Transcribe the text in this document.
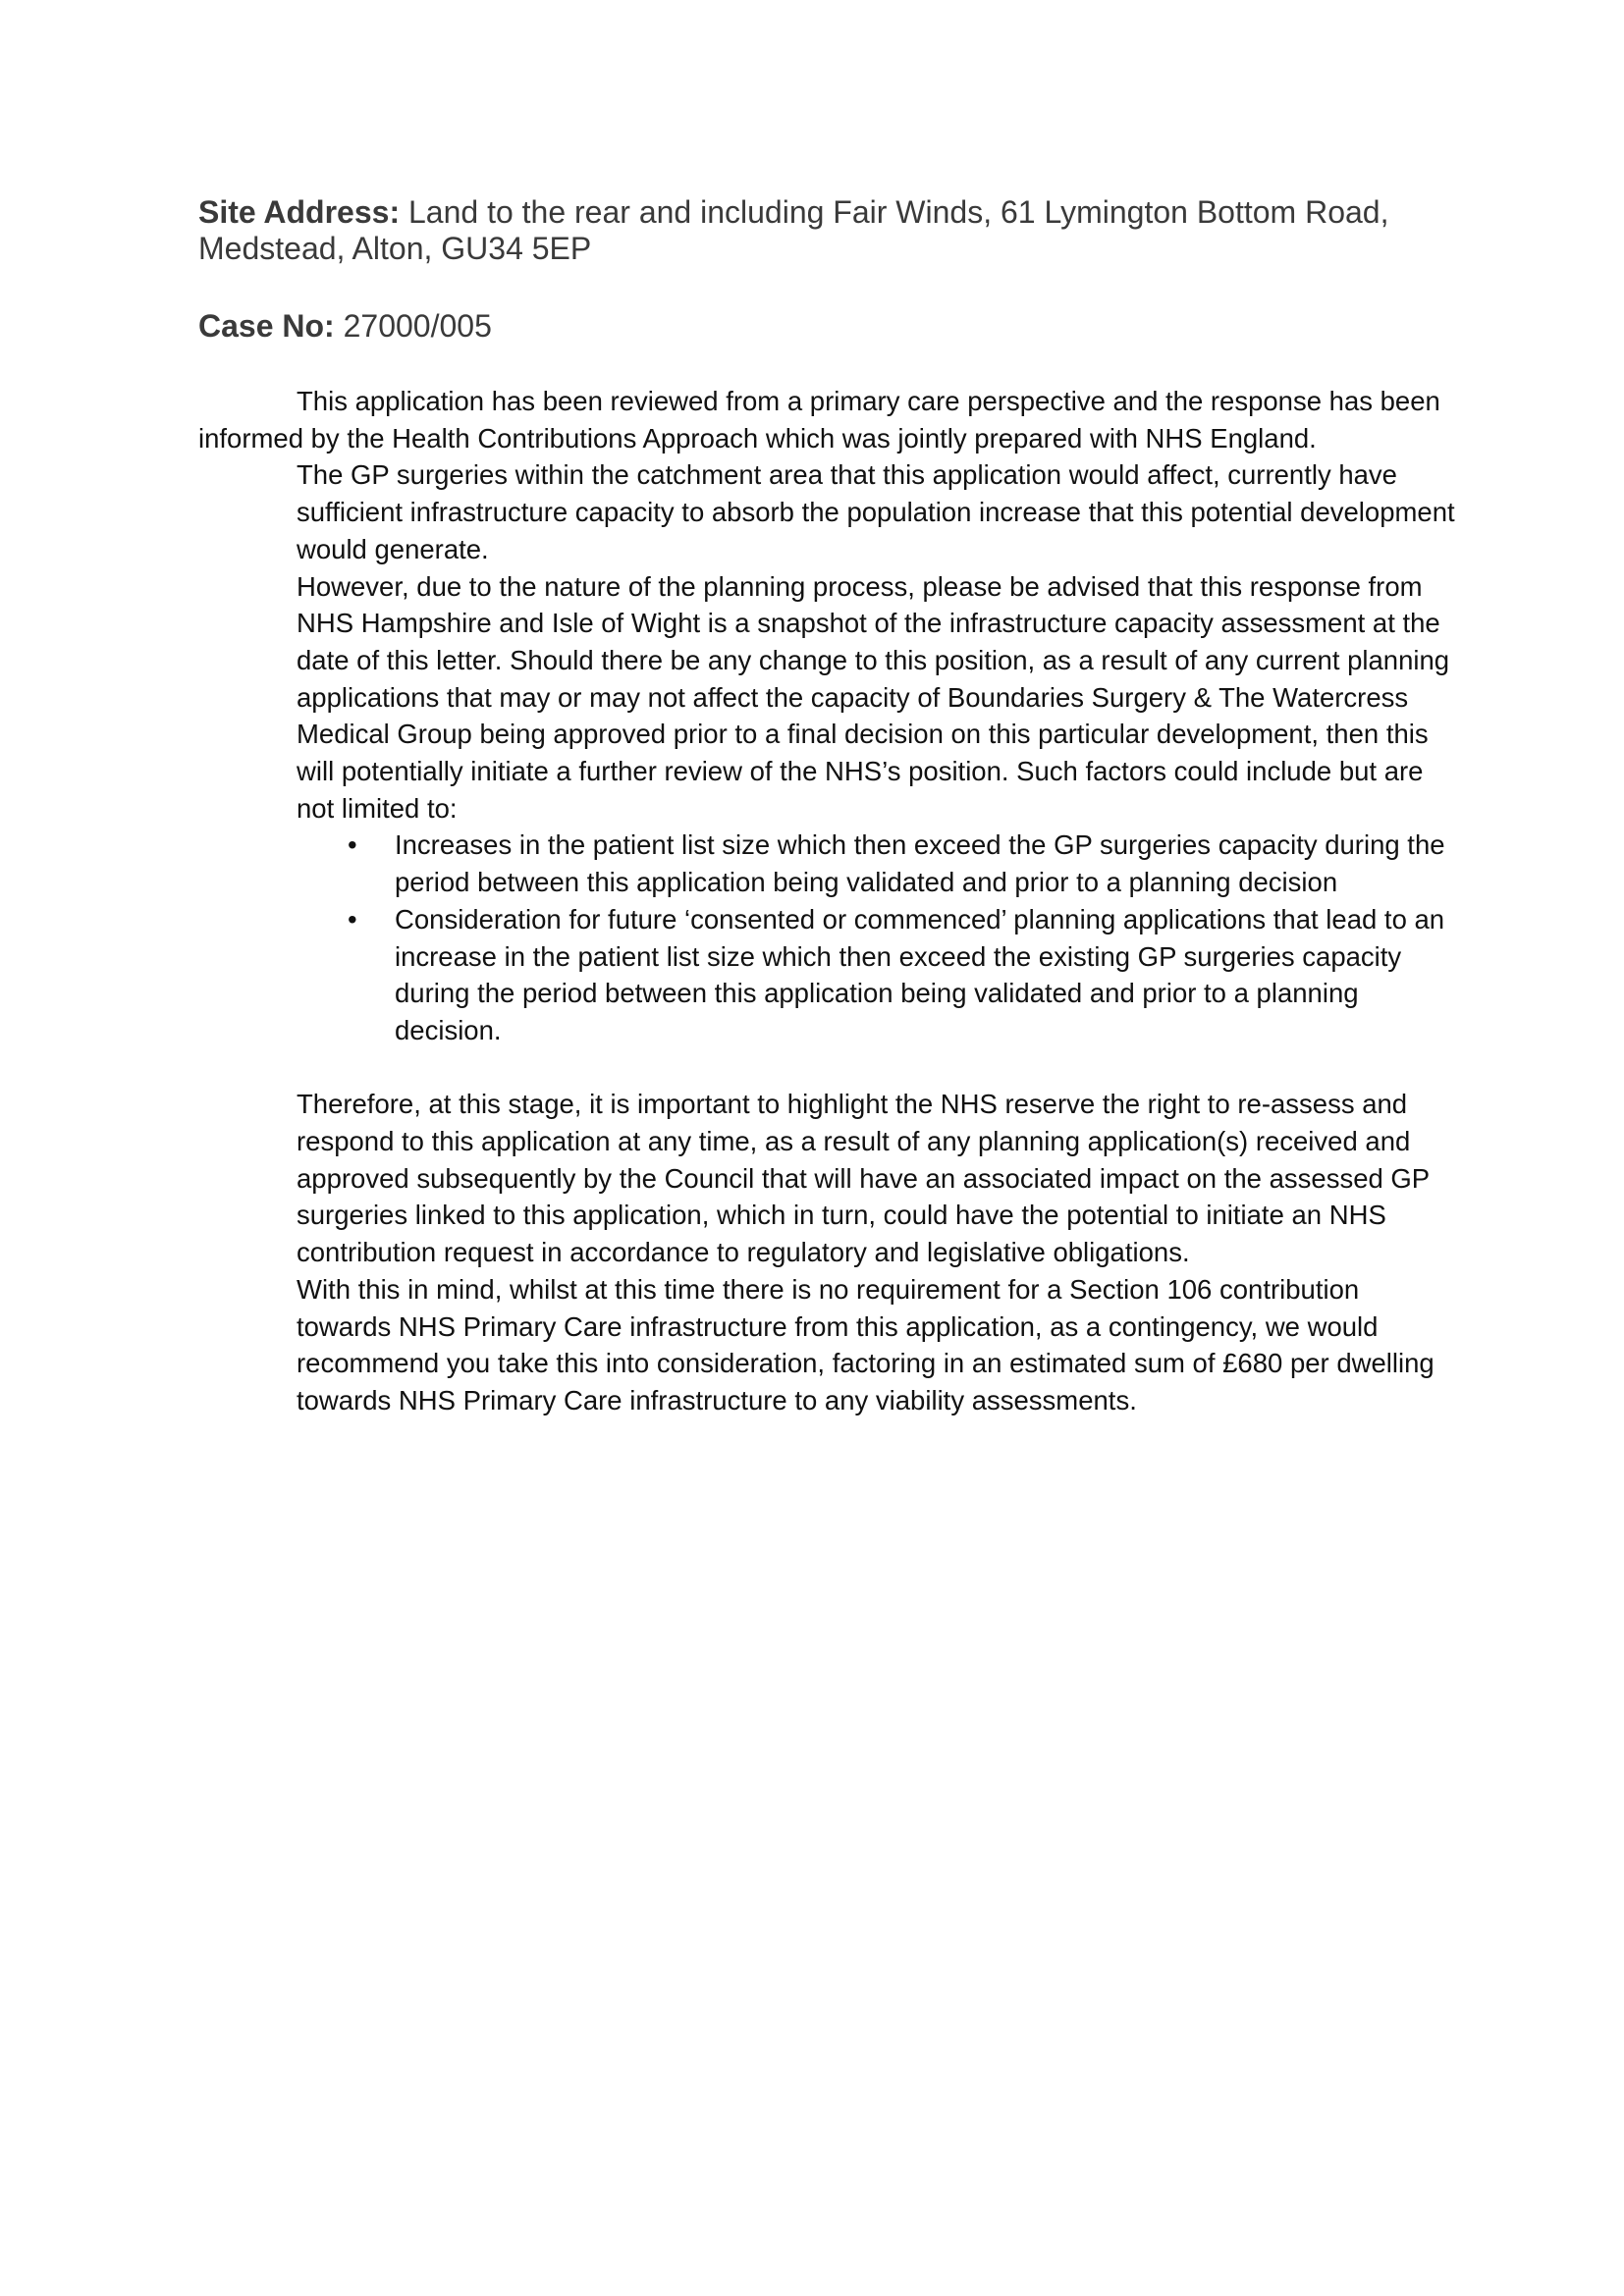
Site Address: Land to the rear and including Fair Winds, 61 Lymington Bottom Road, Medstead, Alton, GU34 5EP

Case No: 27000/005

This application has been reviewed from a primary care perspective and the response has been informed by the Health Contributions Approach which was jointly prepared with NHS England.

The GP surgeries within the catchment area that this application would affect, currently have sufficient infrastructure capacity to absorb the population increase that this potential development would generate.

However, due to the nature of the planning process, please be advised that this response from NHS Hampshire and Isle of Wight is a snapshot of the infrastructure capacity assessment at the date of this letter. Should there be any change to this position, as a result of any current planning applications that may or may not affect the capacity of Boundaries Surgery & The Watercress Medical Group being approved prior to a final decision on this particular development, then this will potentially initiate a further review of the NHS’s position. Such factors could include but are not limited to:

• Increases in the patient list size which then exceed the GP surgeries capacity during the period between this application being validated and prior to a planning decision
• Consideration for future ‘consented or commenced’ planning applications that lead to an increase in the patient list size which then exceed the existing GP surgeries capacity during the period between this application being validated and prior to a planning decision.

Therefore, at this stage, it is important to highlight the NHS reserve the right to re-assess and respond to this application at any time, as a result of any planning application(s) received and approved subsequently by the Council that will have an associated impact on the assessed GP surgeries linked to this application, which in turn, could have the potential to initiate an NHS contribution request in accordance to regulatory and legislative obligations.

With this in mind, whilst at this time there is no requirement for a Section 106 contribution towards NHS Primary Care infrastructure from this application, as a contingency, we would recommend you take this into consideration, factoring in an estimated sum of £680 per dwelling towards NHS Primary Care infrastructure to any viability assessments.
